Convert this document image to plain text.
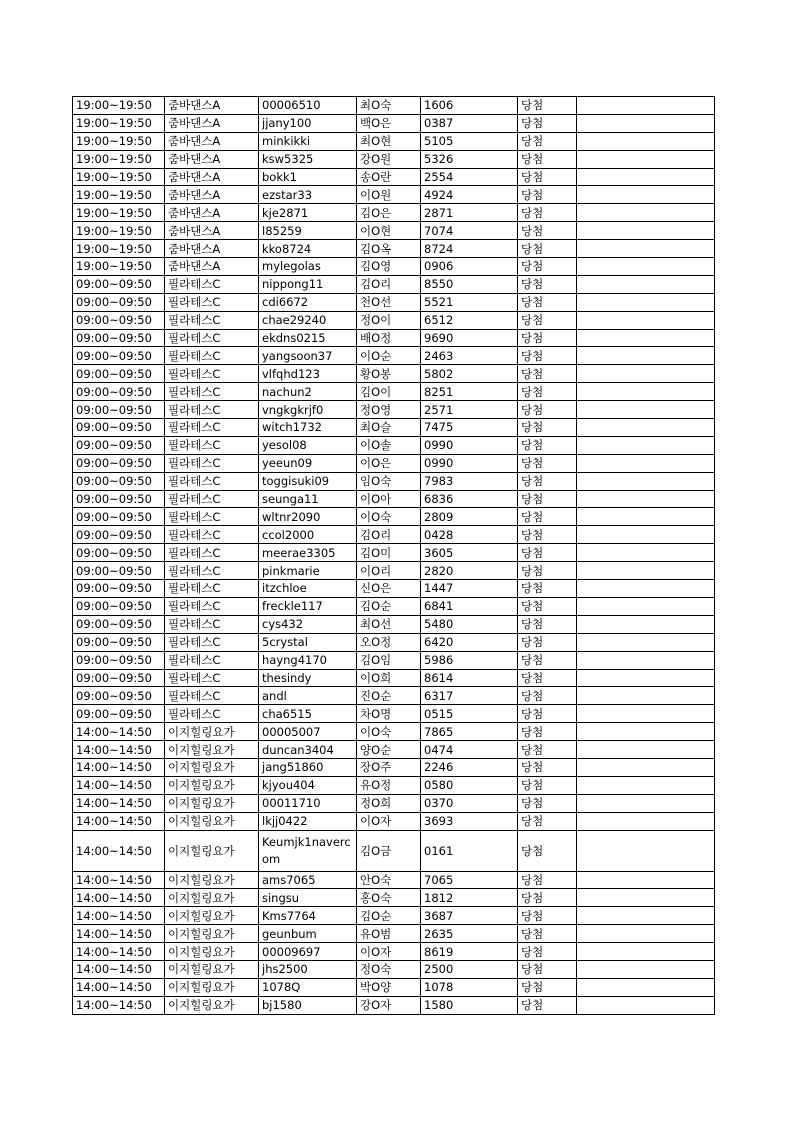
19:00~19:50	줌바댄스A	00006510	최O숙	1606	당첨	
19:00~19:50	줌바댄스A	jjany100	백O은	0387	당첨	
19:00~19:50	줌바댄스A	minkikki	최O현	5105	당첨	
19:00~19:50	줌바댄스A	ksw5325	강O원	5326	당첨	
19:00~19:50	줌바댄스A	bokk1	송O란	2554	당첨	
19:00~19:50	줌바댄스A	ezstar33	이O원	4924	당첨	
19:00~19:50	줌바댄스A	kje2871	김O은	2871	당첨	
19:00~19:50	줌바댄스A	l85259	이O현	7074	당첨	
19:00~19:50	줌바댄스A	kko8724	김O옥	8724	당첨	
19:00~19:50	줌바댄스A	mylegolas	김O영	0906	당첨	
09:00~09:50	필라테스C	nippong11	김O리	8550	당첨	
09:00~09:50	필라테스C	cdi6672	천O선	5521	당첨	
09:00~09:50	필라테스C	chae29240	정O이	6512	당첨	
09:00~09:50	필라테스C	ekdns0215	배O정	9690	당첨	
09:00~09:50	필라테스C	yangsoon37	이O순	2463	당첨	
09:00~09:50	필라테스C	vlfqhd123	황O봉	5802	당첨	
09:00~09:50	필라테스C	nachun2	김O이	8251	당첨	
09:00~09:50	필라테스C	vngkgkrjf0	정O영	2571	당첨	
09:00~09:50	필라테스C	witch1732	최O슬	7475	당첨	
09:00~09:50	필라테스C	yesol08	이O솔	0990	당첨	
09:00~09:50	필라테스C	yeeun09	이O은	0990	당첨	
09:00~09:50	필라테스C	toggisuki09	임O숙	7983	당첨	
09:00~09:50	필라테스C	seunga11	이O아	6836	당첨	
09:00~09:50	필라테스C	wltnr2090	이O숙	2809	당첨	
09:00~09:50	필라테스C	ccol2000	김O리	0428	당첨	
09:00~09:50	필라테스C	meerae3305	김O미	3605	당첨	
09:00~09:50	필라테스C	pinkmarie	이O리	2820	당첨	
09:00~09:50	필라테스C	itzchloe	신O은	1447	당첨	
09:00~09:50	필라테스C	freckle117	김O순	6841	당첨	
09:00~09:50	필라테스C	cys432	최O선	5480	당첨	
09:00~09:50	필라테스C	5crystal	오O정	6420	당첨	
09:00~09:50	필라테스C	hayng4170	김O임	5986	당첨	
09:00~09:50	필라테스C	thesindy	이O희	8614	당첨	
09:00~09:50	필라테스C	andl	진O순	6317	당첨	
09:00~09:50	필라테스C	cha6515	차O명	0515	당첨	
14:00~14:50	이지힐링요가	00005007	이O숙	7865	당첨	
14:00~14:50	이지힐링요가	duncan3404	양O순	0474	당첨	
14:00~14:50	이지힐링요가	jang51860	장O주	2246	당첨	
14:00~14:50	이지힐링요가	kjyou404	유O정	0580	당첨	
14:00~14:50	이지힐링요가	00011710	정O희	0370	당첨	
14:00~14:50	이지힐링요가	lkjj0422	이O자	3693	당첨	
14:00~14:50	이지힐링요가	Keumjk1navercom	김O금	0161	당첨	
14:00~14:50	이지힐링요가	ams7065	안O숙	7065	당첨	
14:00~14:50	이지힐링요가	singsu	홍O숙	1812	당첨	
14:00~14:50	이지힐링요가	Kms7764	김O순	3687	당첨	
14:00~14:50	이지힐링요가	geunbum	유O범	2635	당첨	
14:00~14:50	이지힐링요가	00009697	이O자	8619	당첨	
14:00~14:50	이지힐링요가	jhs2500	정O숙	2500	당첨	
14:00~14:50	이지힐링요가	1078Q	박O양	1078	당첨	
14:00~14:50	이지힐링요가	bj1580	강O자	1580	당첨	
